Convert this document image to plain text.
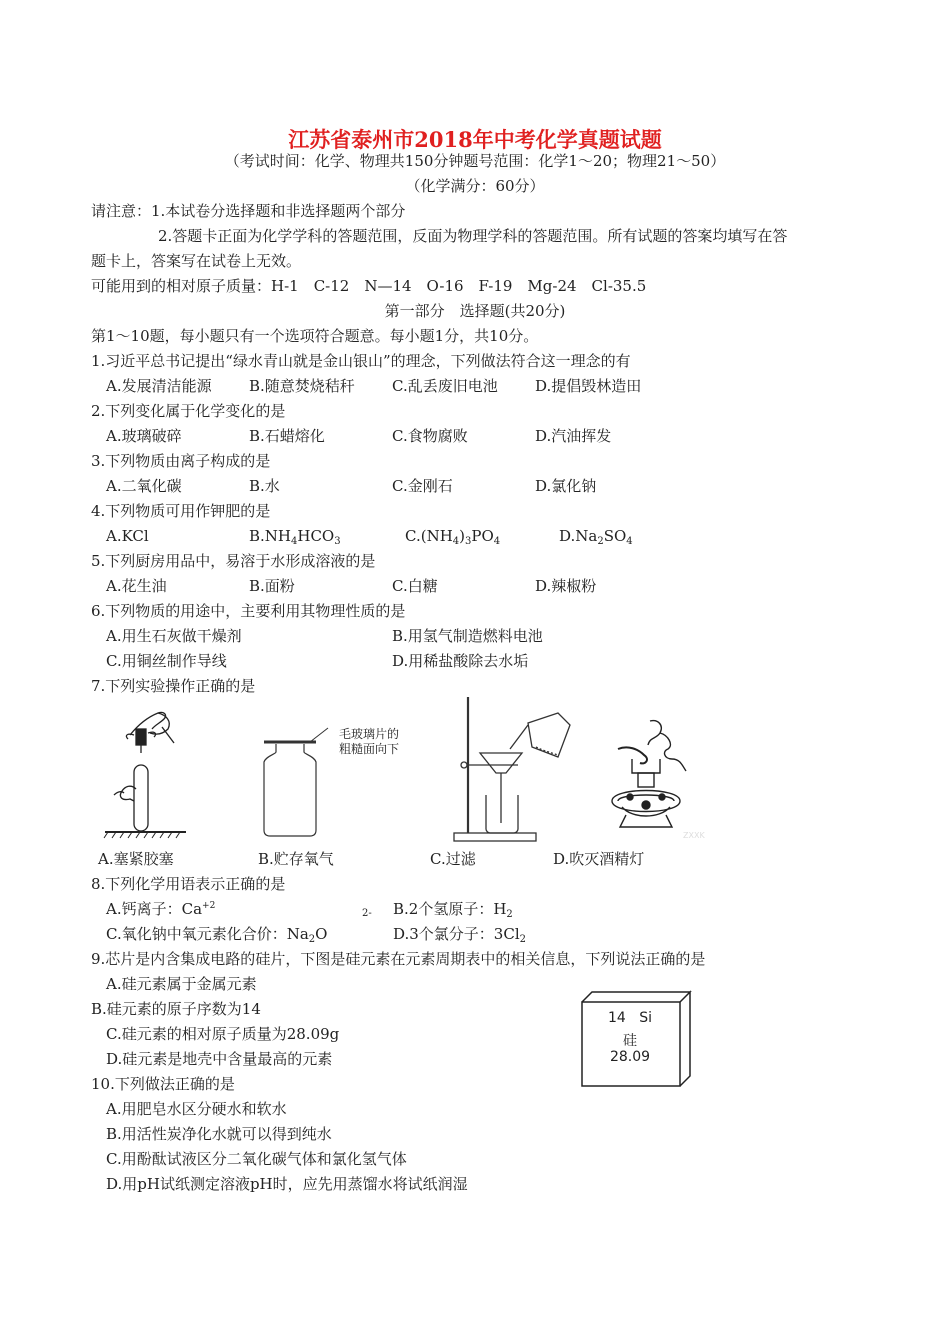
江苏省泰州市2018年中考化学真题试题
（考试时间：化学、物理共150分钟题号范围：化学1～20；物理21～50）
（化学满分：60分）
请注意：1.本试卷分选择题和非选择题两个部分
2.答题卡正面为化学学科的答题范围，反面为物理学科的答题范围。所有试题的答案均填写在答
题卡上，答案写在试卷上无效。
可能用到的相对原子质量：H-1　C-12　N—14　O-16　F-19　Mg-24　Cl-35.5
第一部分　选择题(共20分)
第1～10题，每小题只有一个选项符合题意。每小题1分，共10分。
1.习近平总书记提出“绿水青山就是金山银山”的理念，下列做法符合这一理念的有
A.发展清洁能源 B.随意焚烧秸秆 C.乱丢废旧电池 D.提倡毁林造田
2.下列变化属于化学变化的是
A.玻璃破碎	B.石蜡熔化	C.食物腐败	D.汽油挥发
3.下列物质由离子构成的是
A.二氧化碳	B.水	C.金刚石	D.氯化钠
4.下列物质可用作钾肥的是
A.KCl	$B.NH_4HCO_3$	$C.(NH_4)_3PO_4$	$D.Na_2SO_4$
5.下列厨房用品中，易溶于水形成溶液的是
A.花生油	B.面粉	C.白糖	D.辣椒粉
6.下列物质的用途中，主要利用其物理性质的是
A.用生石灰做干燥剂	B.用氢气制造燃料电池
C.用铜丝制作导线	D.用稀盐酸除去水垢
7.下列实验操作正确的是
毛玻璃片的
粗糙面向下
ZXXK
A.塞紧胶塞	B.贮存氧气	C.过滤	D.吹灭酒精灯
8.下列化学用语表示正确的是
A.钙离子：$Ca^{+2}$	B.2个氢原子：$H_2$
C.氧化钠中氧元素化合价：$Na_2O$
2-
D.3个氯分子：$3Cl_2$
9.芯片是内含集成电路的硅片，下图是硅元素在元素周期表中的相关信息，下列说法正确的是
A.硅元素属于金属元素
B.硅元素的原子序数为14
C.硅元素的相对原子质量为28.09g
D.硅元素是地壳中含量最高的元素
14 Si
硅
28.09
10.下列做法正确的是
A.用肥皂水区分硬水和软水
B.用活性炭净化水就可以得到纯水
C.用酚酞试液区分二氧化碳气体和氯化氢气体
D.用pH试纸测定溶液pH时，应先用蒸馏水将试纸润湿
